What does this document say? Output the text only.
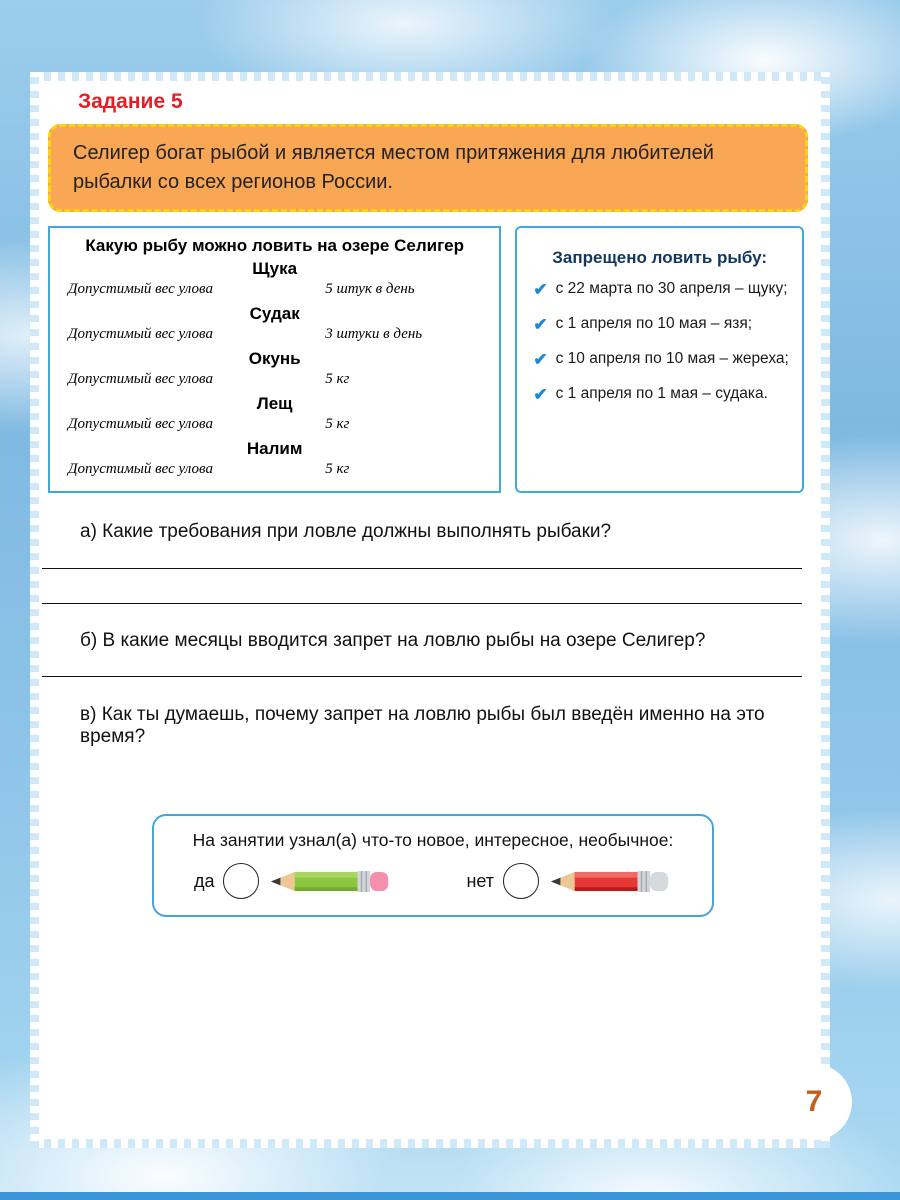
Задание 5

Селигер богат рыбой и является местом притяжения для любителей рыбалки со всех регионов России.

Какую рыбу можно ловить на озере Селигер
Щука
Допустимый вес улова	5 штук в день
Судак
Допустимый вес улова	3 штуки в день
Окунь
Допустимый вес улова	5 кг
Лещ
Допустимый вес улова	5 кг
Налим
Допустимый вес улова	5 кг
Запрещено ловить рыбу:
✔ с 22 марта по 30 апреля – щуку;
✔ с 1 апреля по 10 мая – язя;
✔ с 10 апреля по 10 мая – жереха;
✔ с 1 апреля по 1 мая – судака.
а) Какие требования при ловле должны выполнять рыбаки?
б) В какие месяцы вводится запрет на ловлю рыбы на озере Селигер?
в) Как ты думаешь, почему запрет на ловлю рыбы был введён именно на это время?
На занятии узнал(а) что-то новое, интересное, необычное:
да	нет
7
